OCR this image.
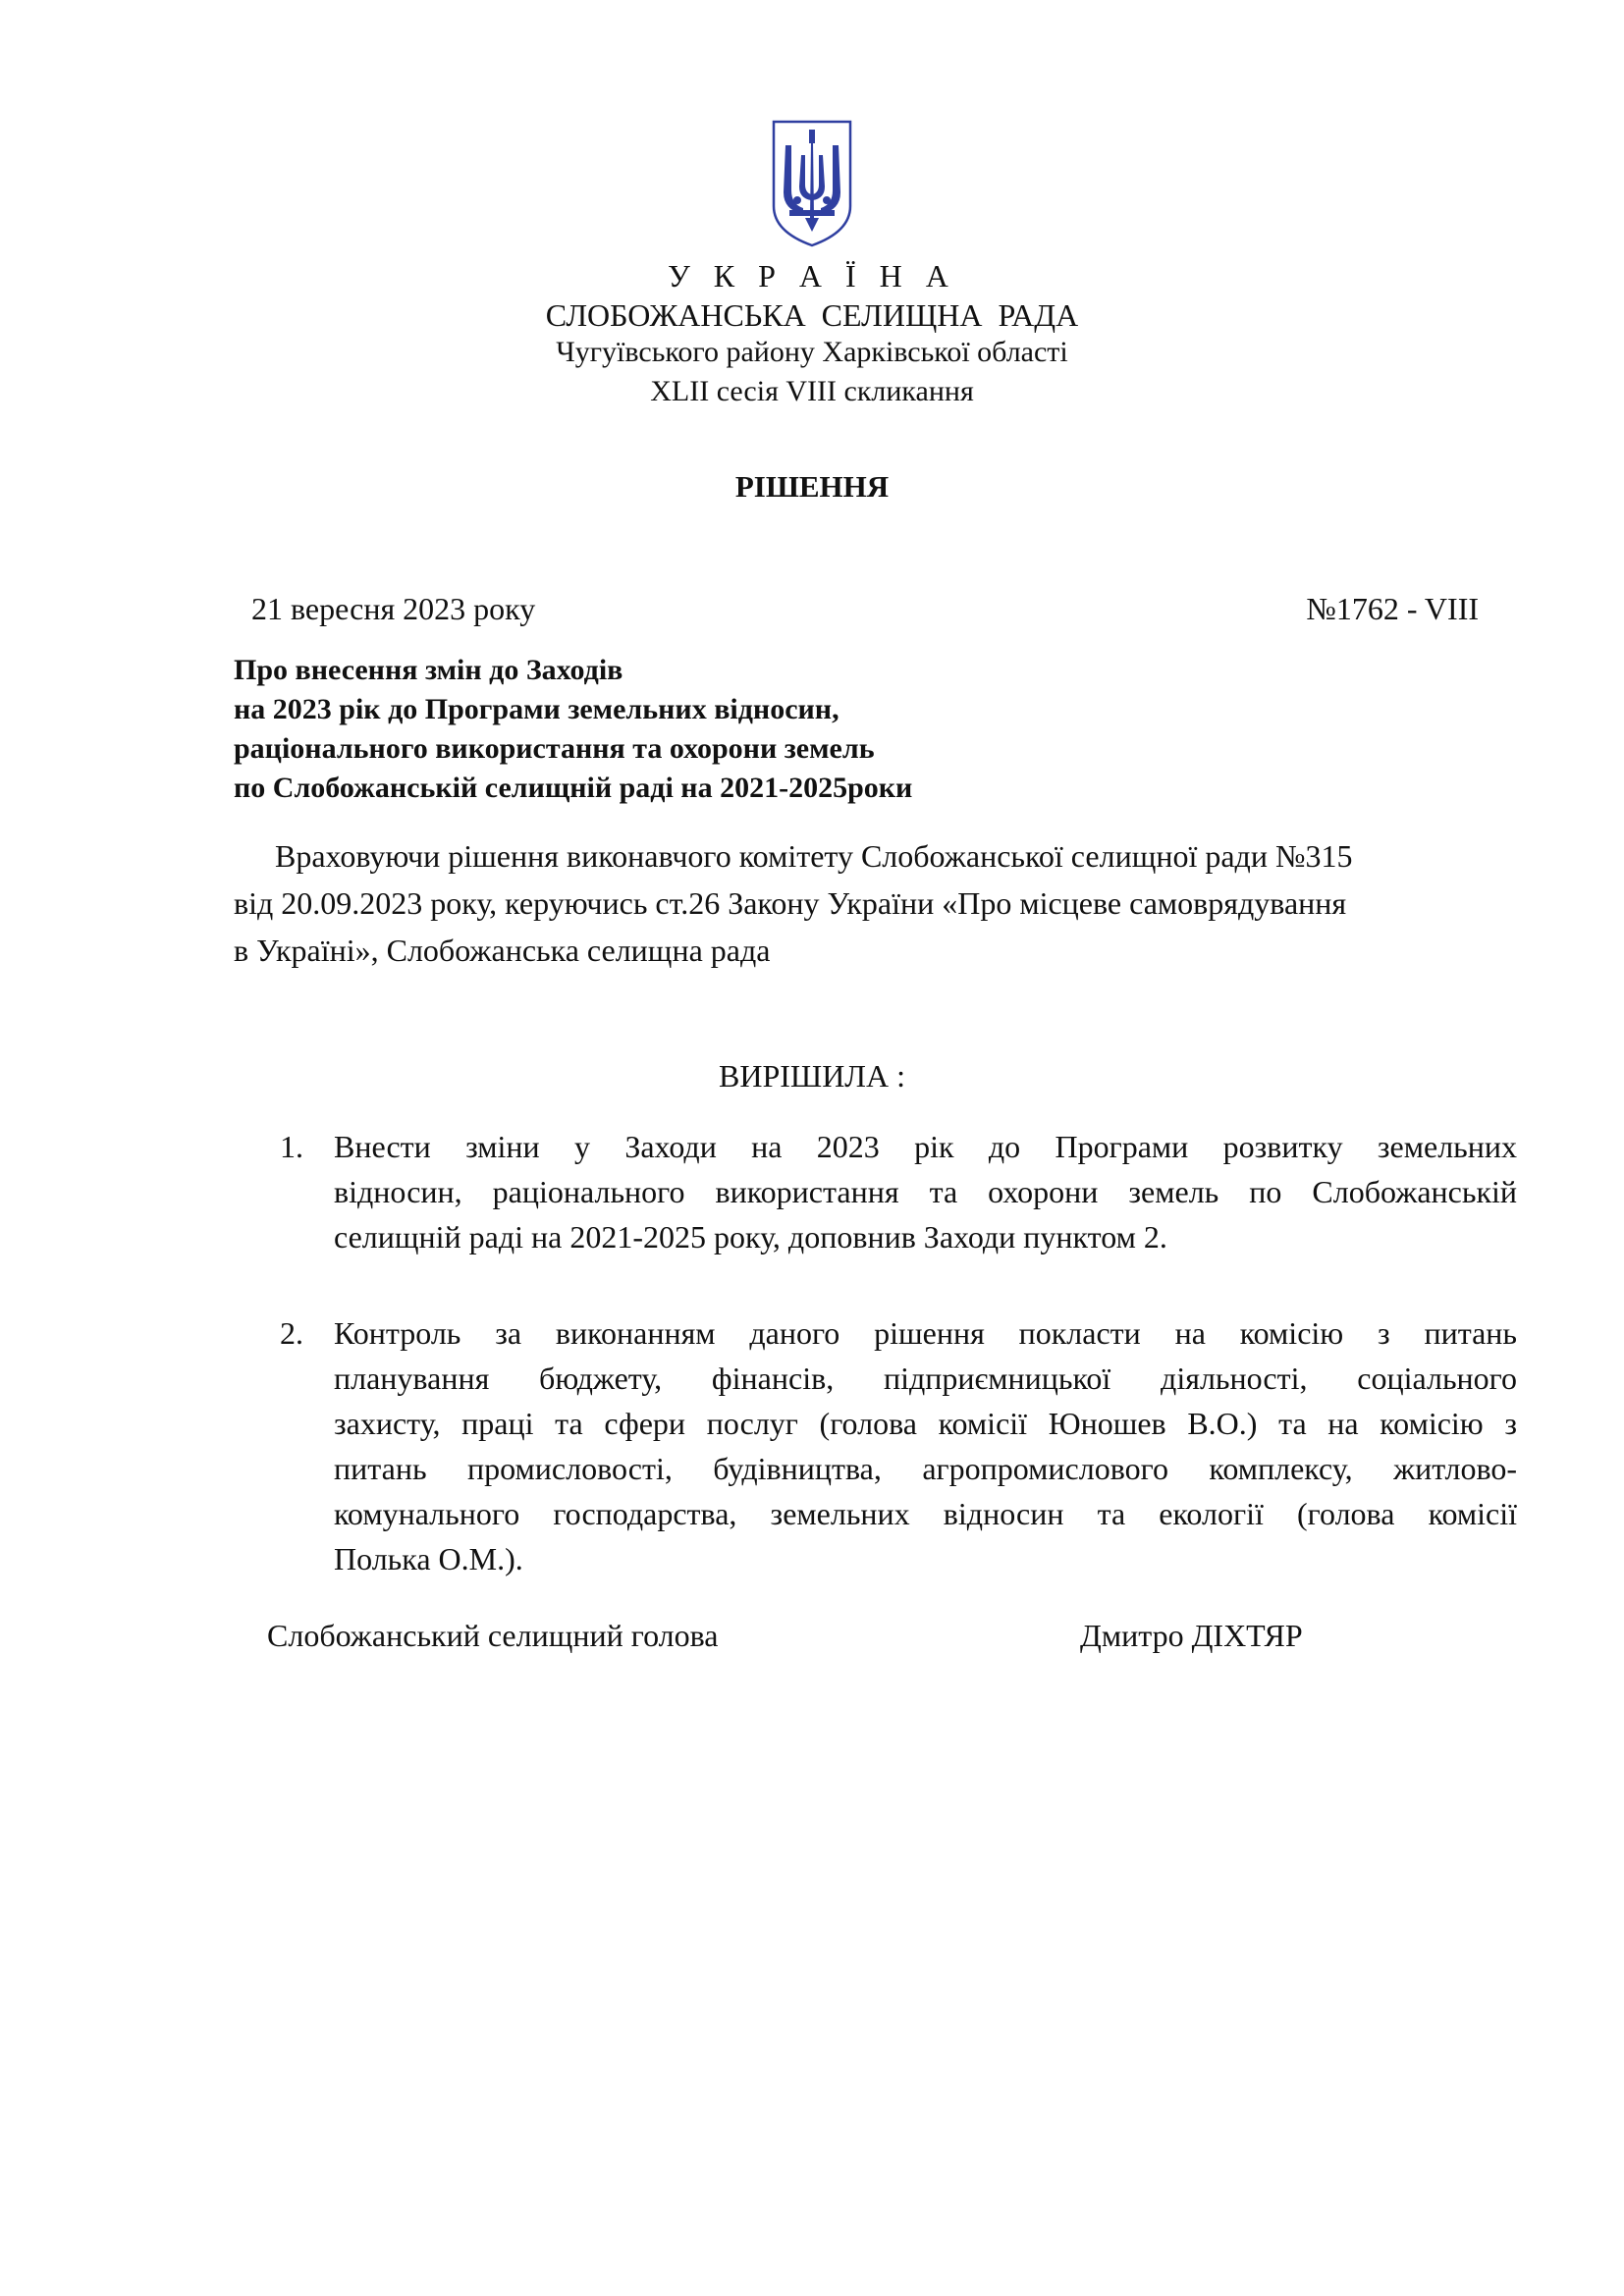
У К Р А Ї Н А
СЛОБОЖАНСЬКА СЕЛИЩНА РАДА
Чугуївського району Харківської області
XLII сесія VIII скликання
РІШЕННЯ
21 вересня 2023 року	№1762 - VIII
Про внесення змін до Заходів
на 2023 рік до Програми земельних відносин,
раціонального використання та охорони земель
по Слобожанській селищній раді на 2021-2025роки
Враховуючи рішення виконавчого комітету Слобожанської селищної ради №315
від 20.09.2023 року, керуючись ст.26 Закону України «Про місцеве самоврядування
в Україні», Слобожанська селищна рада
ВИРІШИЛА :
1. Внести зміни у Заходи на 2023 рік до Програми розвитку земельних
відносин, раціонального використання та охорони земель по Слобожанській
селищній раді на 2021-2025 року, доповнив Заходи пунктом 2.
2. Контроль за виконанням даного рішення покласти на комісію з питань
планування бюджету, фінансів, підприємницької діяльності, соціального
захисту, праці та сфери послуг (голова комісії Юношев В.О.) та на комісію з
питань промисловості, будівництва, агропромислового комплексу, житлово-
комунального господарства, земельних відносин та екології (голова комісії
Полька О.М.).
Слобожанський селищний голова	Дмитро ДІХТЯР
